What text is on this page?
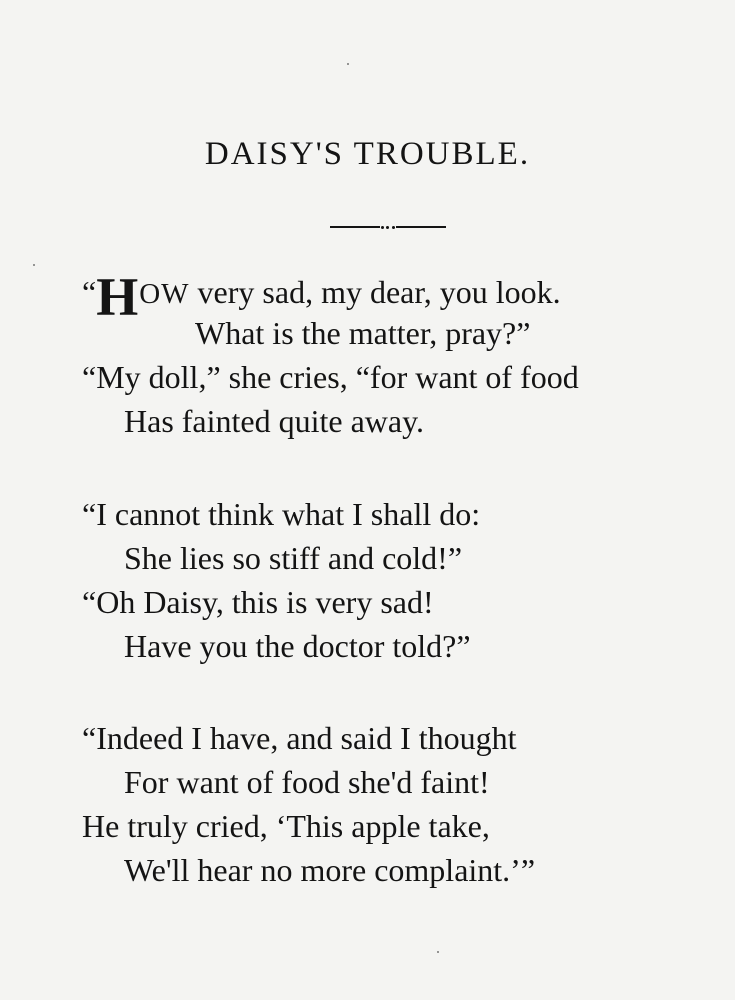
DAISY'S TROUBLE.
“HOW very sad, my dear, you look.
What is the matter, pray?”
“My doll,” she cries, “for want of food
Has fainted quite away.
“I cannot think what I shall do:
She lies so stiff and cold!”
“Oh Daisy, this is very sad!
Have you the doctor told?”
“Indeed I have, and said I thought
For want of food she'd faint!
He truly cried, ‘This apple take,
We'll hear no more complaint.’”
